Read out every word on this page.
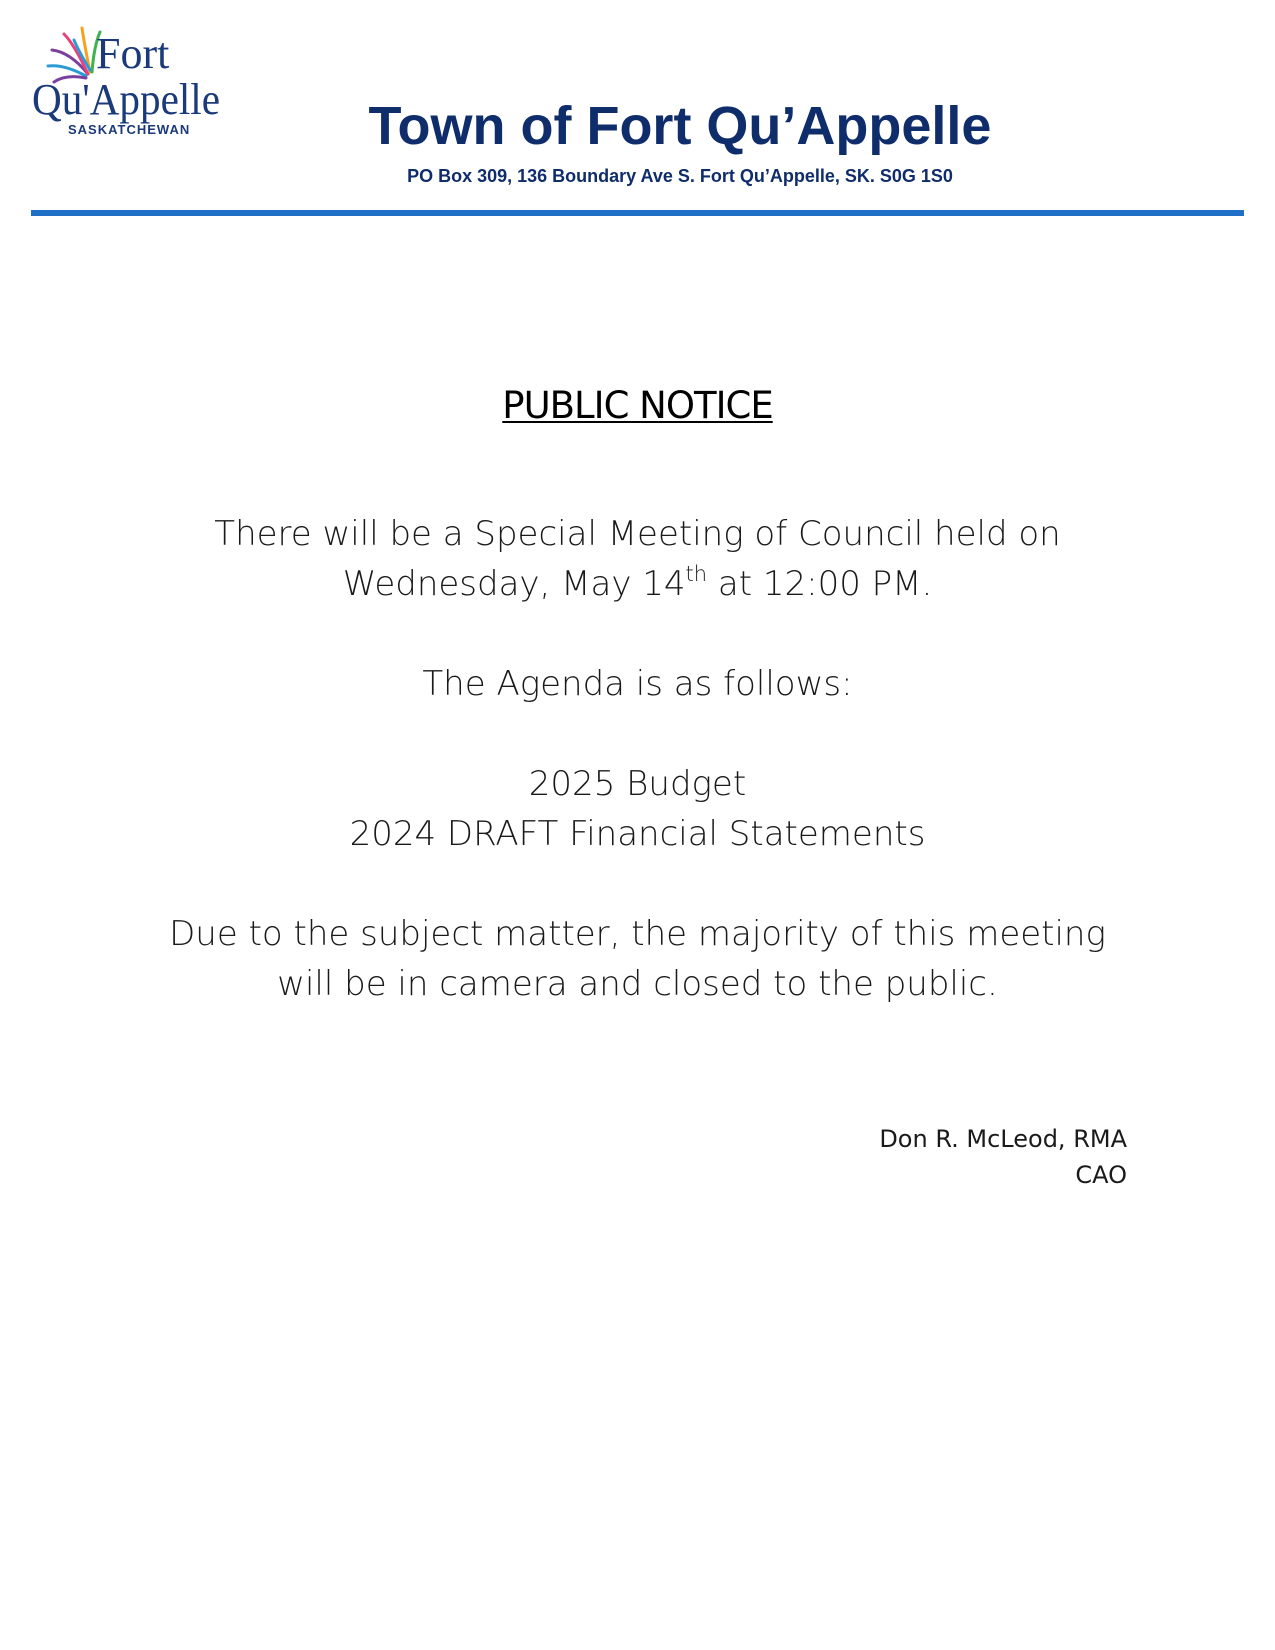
Fort
Qu'Appelle
SASKATCHEWAN	Town of Fort Qu’Appelle
PO Box 309, 136 Boundary Ave S. Fort Qu’Appelle, SK. S0G 1S0
PUBLIC NOTICE
There will be a Special Meeting of Council held on
Wednesday, May 14th at 12:00 PM.
The Agenda is as follows:
2025 Budget
2024 DRAFT Financial Statements
Due to the subject matter, the majority of this meeting
will be in camera and closed to the public.
Don R. McLeod, RMA
CAO
